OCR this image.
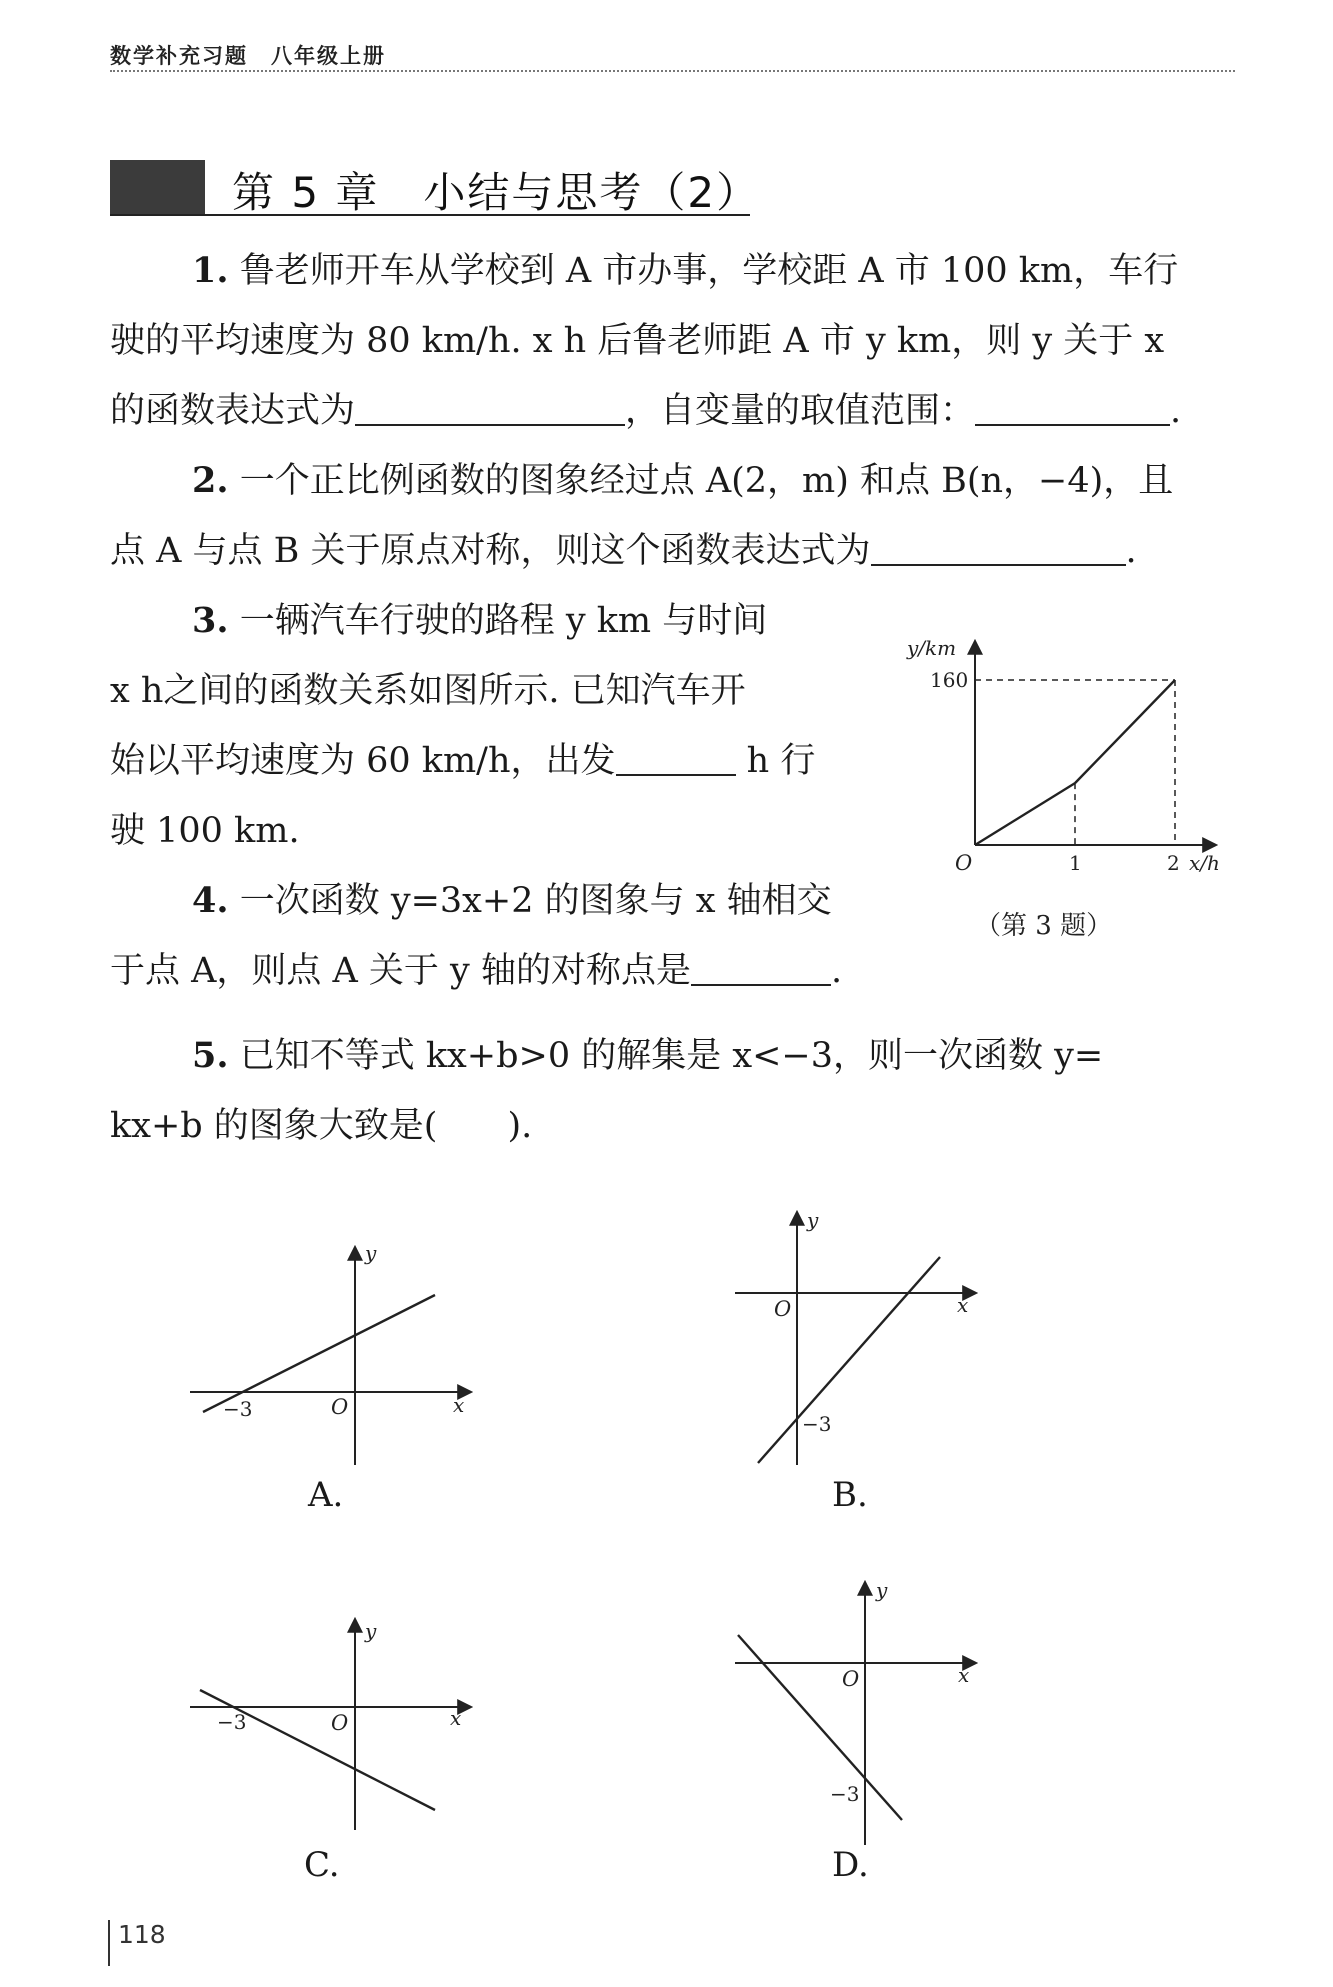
数学补充习题　八年级上册
第 5 章　小结与思考（2）
1. 鲁老师开车从学校到 A 市办事，学校距 A 市 100 km，车行
驶的平均速度为 80 km/h. x h 后鲁老师距 A 市 y km，则 y 关于 x
的函数表达式为	，自变量的取值范围：	.
2. 一个正比例函数的图象经过点 A(2，m) 和点 B(n，−4)，且
点 A 与点 B 关于原点对称，则这个函数表达式为	.
3. 一辆汽车行驶的路程 y km 与时间
x h之间的函数关系如图所示. 已知汽车开
始以平均速度为 60 km/h，出发	h 行
驶 100 km.
y/km
160
O	1	2 x/h
（第 3 题）
4. 一次函数 y=3x+2 的图象与 x 轴相交
于点 A，则点 A 关于 y 轴的对称点是	.
5. 已知不等式 kx+b>0 的解集是 x<−3，则一次函数 y=
kx+b 的图象大致是(　　).
y
x
O
−3
A.
y
x
O
−3
B.
y
x
O
−3
C.
y
x
O
−3
D.
118
